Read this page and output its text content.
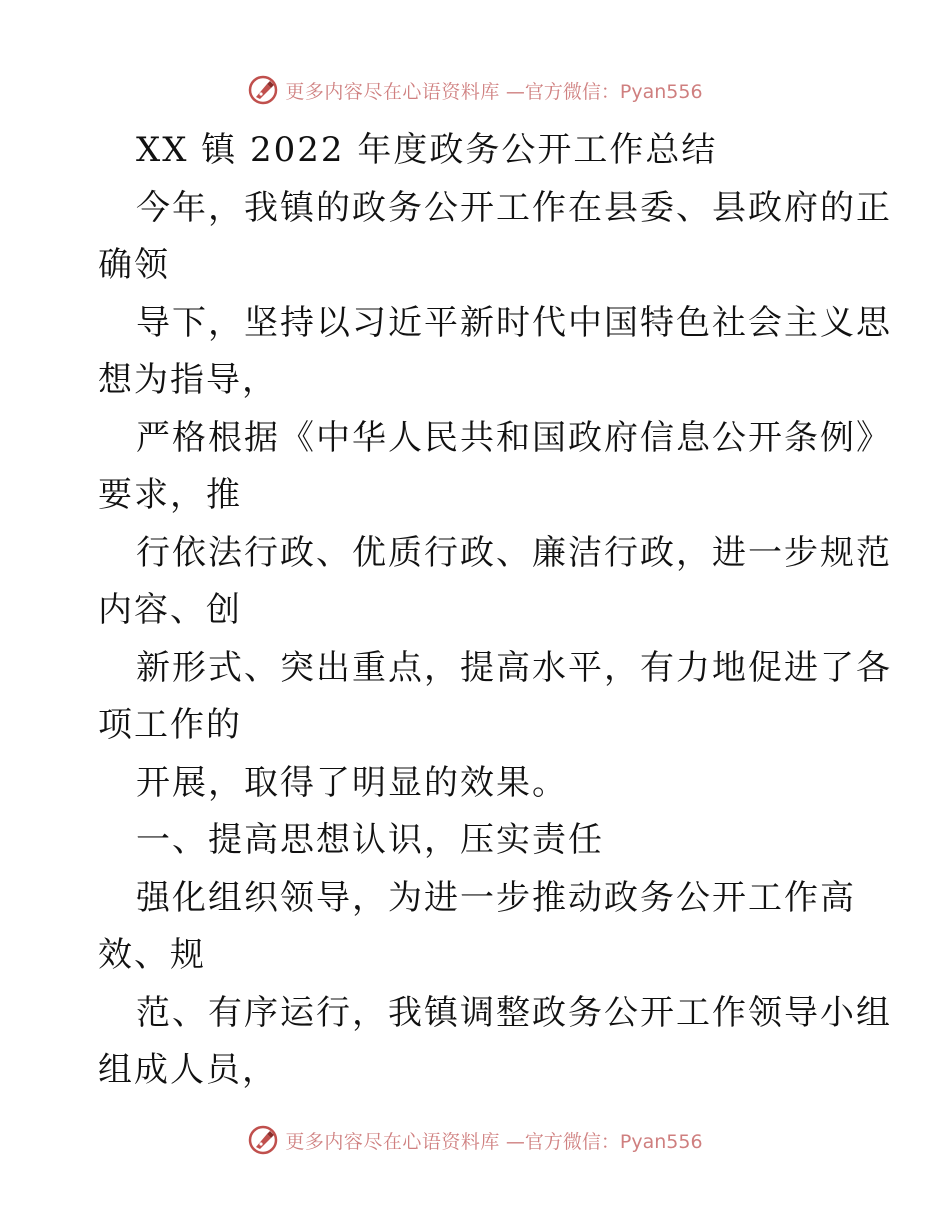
更多内容尽在心语资料库 —官方微信：Pyan556
XX 镇 2022 年度政务公开工作总结
今年，我镇的政务公开工作在县委、县政府的正
确领
导下，坚持以习近平新时代中国特色社会主义思
想为指导，
严格根据《中华人民共和国政府信息公开条例》
要求，推
行依法行政、优质行政、廉洁行政，进一步规范
内容、创
新形式、突出重点，提高水平，有力地促进了各
项工作的
开展，取得了明显的效果。
一、提高思想认识，压实责任
强化组织领导，为进一步推动政务公开工作高
效、规
范、有序运行，我镇调整政务公开工作领导小组
组成人员，
更多内容尽在心语资料库 —官方微信：Pyan556
